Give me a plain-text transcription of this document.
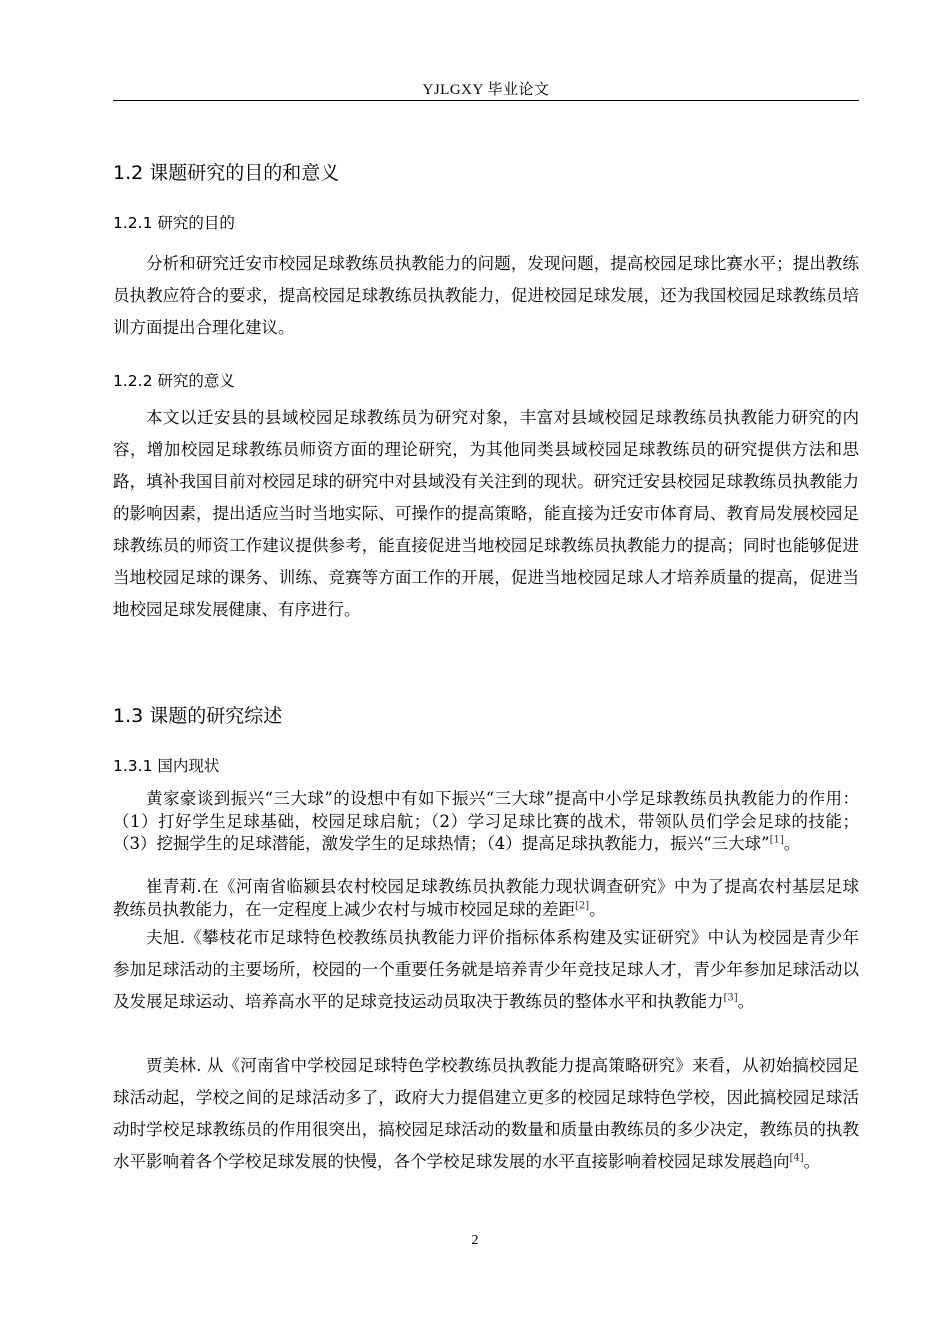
YJLGXY 毕业论文
1.2 课题研究的目的和意义
1.2.1 研究的目的

分析和研究迁安市校园足球教练员执教能力的问题，发现问题，提高校园足球比赛水平；提出教练员执教应符合的要求，提高校园足球教练员执教能力，促进校园足球发展，还为我国校园足球教练员培训方面提出合理化建议。

1.2.2 研究的意义

本文以迁安县的县域校园足球教练员为研究对象，丰富对县域校园足球教练员执教能力研究的内容，增加校园足球教练员师资方面的理论研究，为其他同类县域校园足球教练员的研究提供方法和思路，填补我国目前对校园足球的研究中对县域没有关注到的现状。研究迁安县校园足球教练员执教能力的影响因素，提出适应当时当地实际、可操作的提高策略，能直接为迁安市体育局、教育局发展校园足球教练员的师资工作建议提供参考，能直接促进当地校园足球教练员执教能力的提高；同时也能够促进当地校园足球的课务、训练、竞赛等方面工作的开展，促进当地校园足球人才培养质量的提高，促进当地校园足球发展健康、有序进行。

1.3 课题的研究综述
1.3.1 国内现状

黄家豪谈到振兴“三大球”的设想中有如下振兴“三大球”提高中小学足球教练员执教能力的作用：（1）打好学生足球基础，校园足球启航；（2）学习足球比赛的战术，带领队员们学会足球的技能；（3）挖掘学生的足球潜能，激发学生的足球热情；（4）提高足球执教能力，振兴“三大球”[1]。

崔青莉.在《河南省临颍县农村校园足球教练员执教能力现状调查研究》中为了提高农村基层足球教练员执教能力，在一定程度上减少农村与城市校园足球的差距[2]。

夫旭.《攀枝花市足球特色校教练员执教能力评价指标体系构建及实证研究》中认为校园是青少年参加足球活动的主要场所，校园的一个重要任务就是培养青少年竞技足球人才，青少年参加足球活动以及发展足球运动、培养高水平的足球竞技运动员取决于教练员的整体水平和执教能力[3]。

贾美林. 从《河南省中学校园足球特色学校教练员执教能力提高策略研究》来看，从初始搞校园足球活动起，学校之间的足球活动多了，政府大力提倡建立更多的校园足球特色学校，因此搞校园足球活动时学校足球教练员的作用很突出，搞校园足球活动的数量和质量由教练员的多少决定，教练员的执教水平影响着各个学校足球发展的快慢，各个学校足球发展的水平直接影响着校园足球发展趋向[4]。

2
